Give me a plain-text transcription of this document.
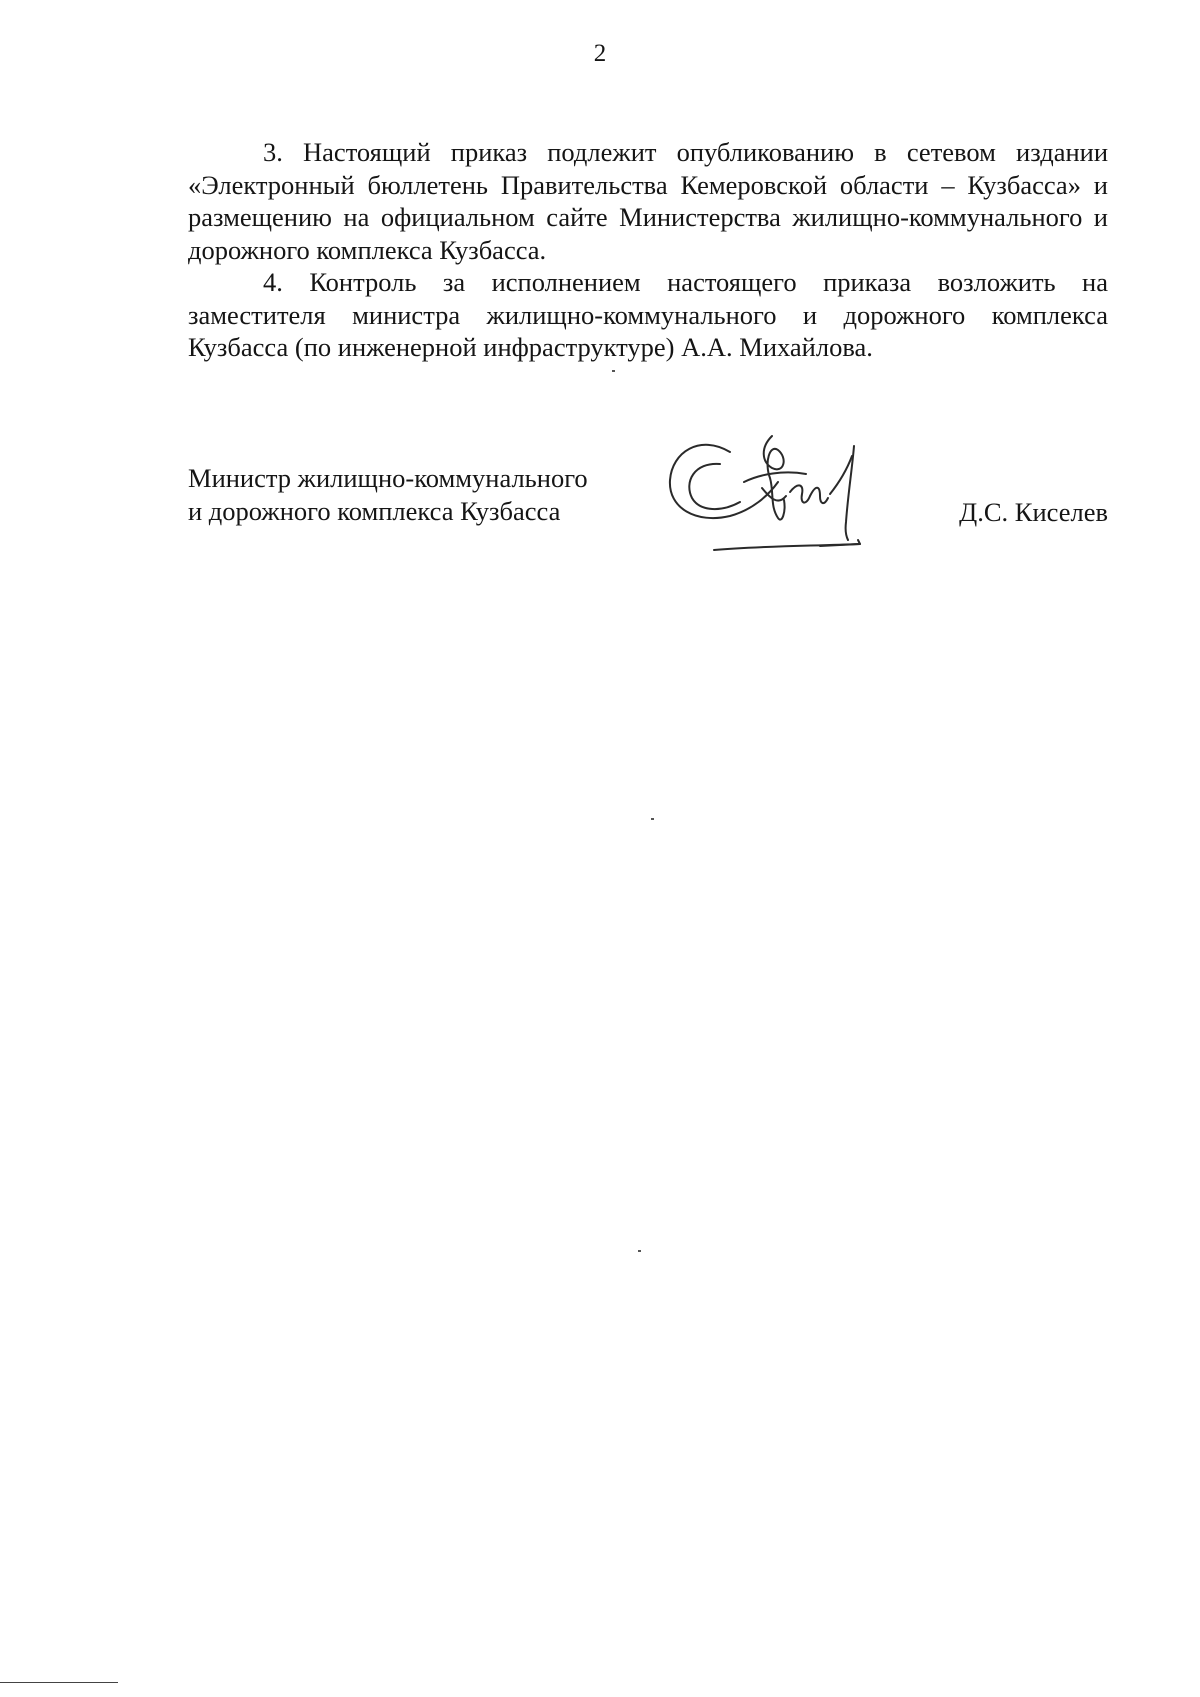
2

3. Настоящий приказ подлежит опубликованию в сетевом издании «Электронный бюллетень Правительства Кемеровской области – Кузбасса» и размещению на официальном сайте Министерства жилищно-коммунального и дорожного комплекса Кузбасса.

4. Контроль за исполнением настоящего приказа возложить на заместителя министра жилищно-коммунального и дорожного комплекса Кузбасса (по инженерной инфраструктуре) А.А. Михайлова.

Министр жилищно-коммунального
и дорожного комплекса Кузбасса	Д.С. Киселев
